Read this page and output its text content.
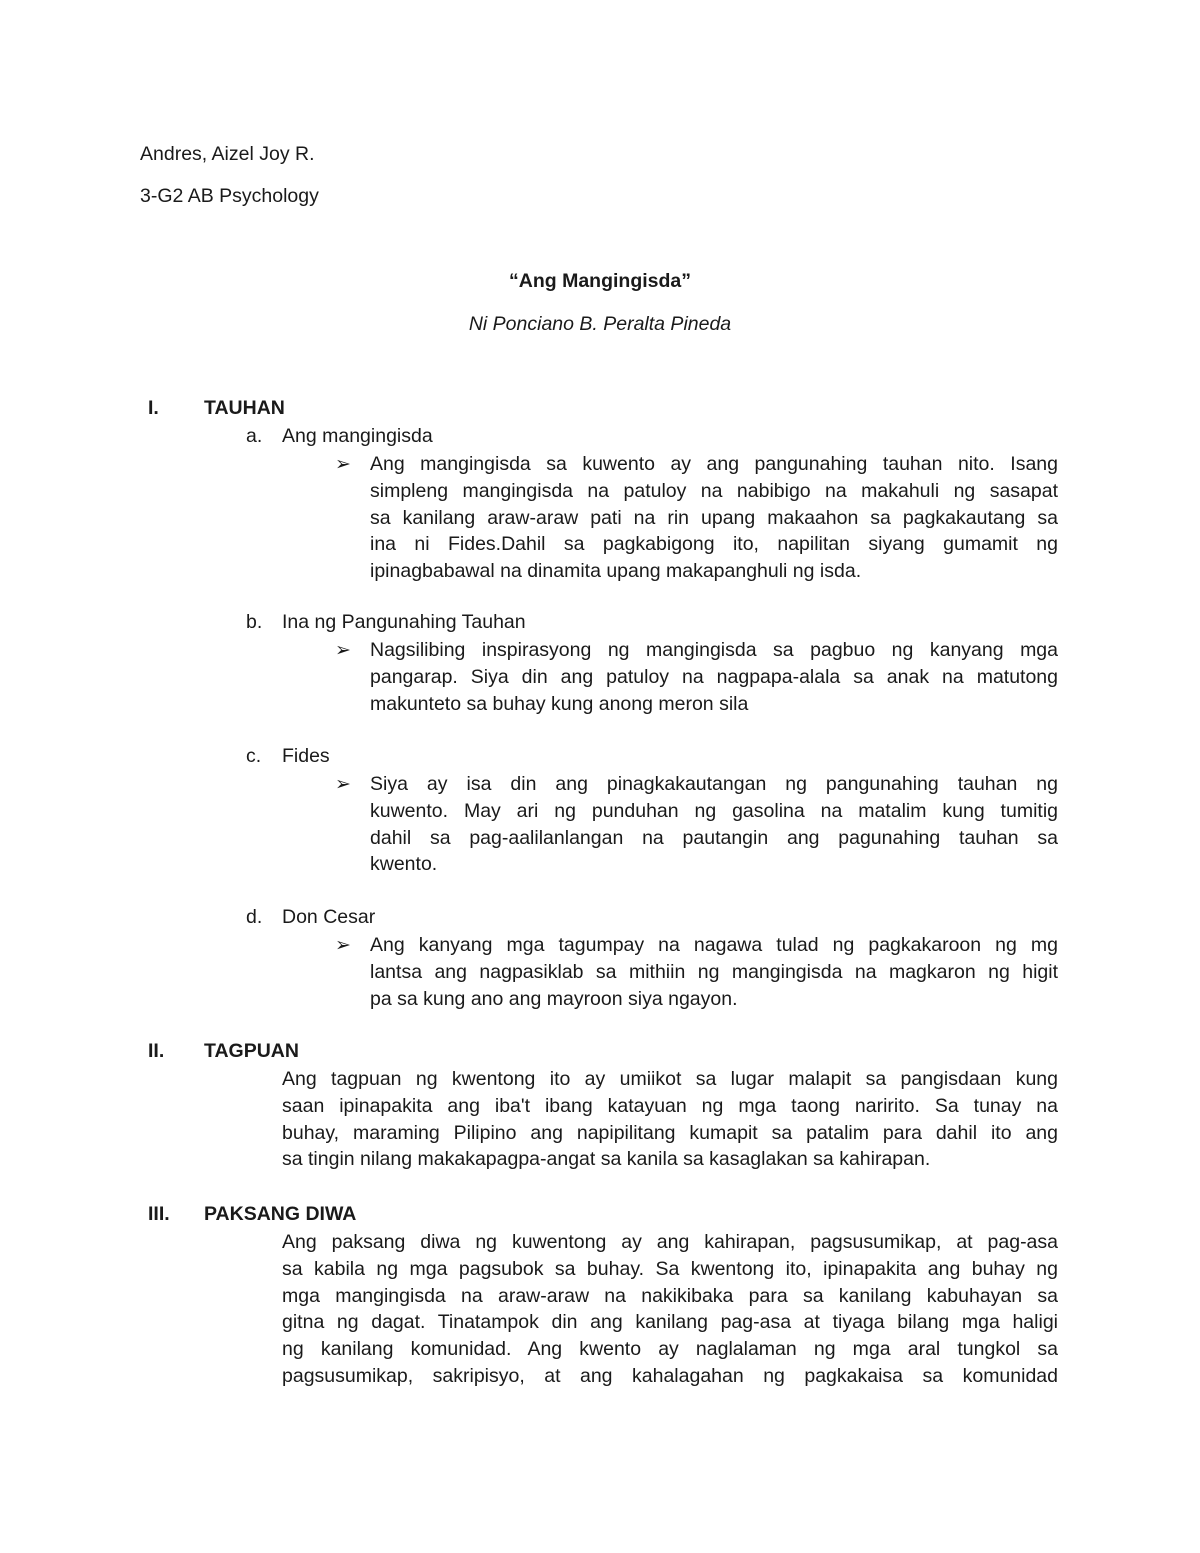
Andres, Aizel Joy R.
3-G2 AB Psychology
“Ang Mangingisda”
Ni Ponciano B. Peralta Pineda
I. TAUHAN
a. Ang mangingisda
➢ Ang mangingisda sa kuwento ay ang pangunahing tauhan nito. Isang
simpleng mangingisda na patuloy na nabibigo na makahuli ng sasapat
sa kanilang araw-araw pati na rin upang makaahon sa pagkakautang sa
ina ni Fides.Dahil sa pagkabigong ito, napilitan siyang gumamit ng
ipinagbabawal na dinamita upang makapanghuli ng isda.
b. Ina ng Pangunahing Tauhan
➢ Nagsilibing inspirasyong ng mangingisda sa pagbuo ng kanyang mga
pangarap. Siya din ang patuloy na nagpapa-alala sa anak na matutong
makunteto sa buhay kung anong meron sila
c. Fides
➢ Siya ay isa din ang pinagkakautangan ng pangunahing tauhan ng
kuwento. May ari ng punduhan ng gasolina na matalim kung tumitig
dahil sa pag-aalilanlangan na pautangin ang pagunahing tauhan sa
kwento.
d. Don Cesar
➢ Ang kanyang mga tagumpay na nagawa tulad ng pagkakaroon ng mg
lantsa ang nagpasiklab sa mithiin ng mangingisda na magkaron ng higit
pa sa kung ano ang mayroon siya ngayon.
II. TAGPUAN
Ang tagpuan ng kwentong ito ay umiikot sa lugar malapit sa pangisdaan kung
saan ipinapakita ang iba't ibang katayuan ng mga taong naririto. Sa tunay na
buhay, maraming Pilipino ang napipilitang kumapit sa patalim para dahil ito ang
sa tingin nilang makakapagpa-angat sa kanila sa kasaglakan sa kahirapan.
III. PAKSANG DIWA
Ang paksang diwa ng kuwentong ay ang kahirapan, pagsusumikap, at pag-asa
sa kabila ng mga pagsubok sa buhay. Sa kwentong ito, ipinapakita ang buhay ng
mga mangingisda na araw-araw na nakikibaka para sa kanilang kabuhayan sa
gitna ng dagat. Tinatampok din ang kanilang pag-asa at tiyaga bilang mga haligi
ng kanilang komunidad. Ang kwento ay naglalaman ng mga aral tungkol sa
pagsusumikap, sakripisyo, at ang kahalagahan ng pagkakaisa sa komunidad
